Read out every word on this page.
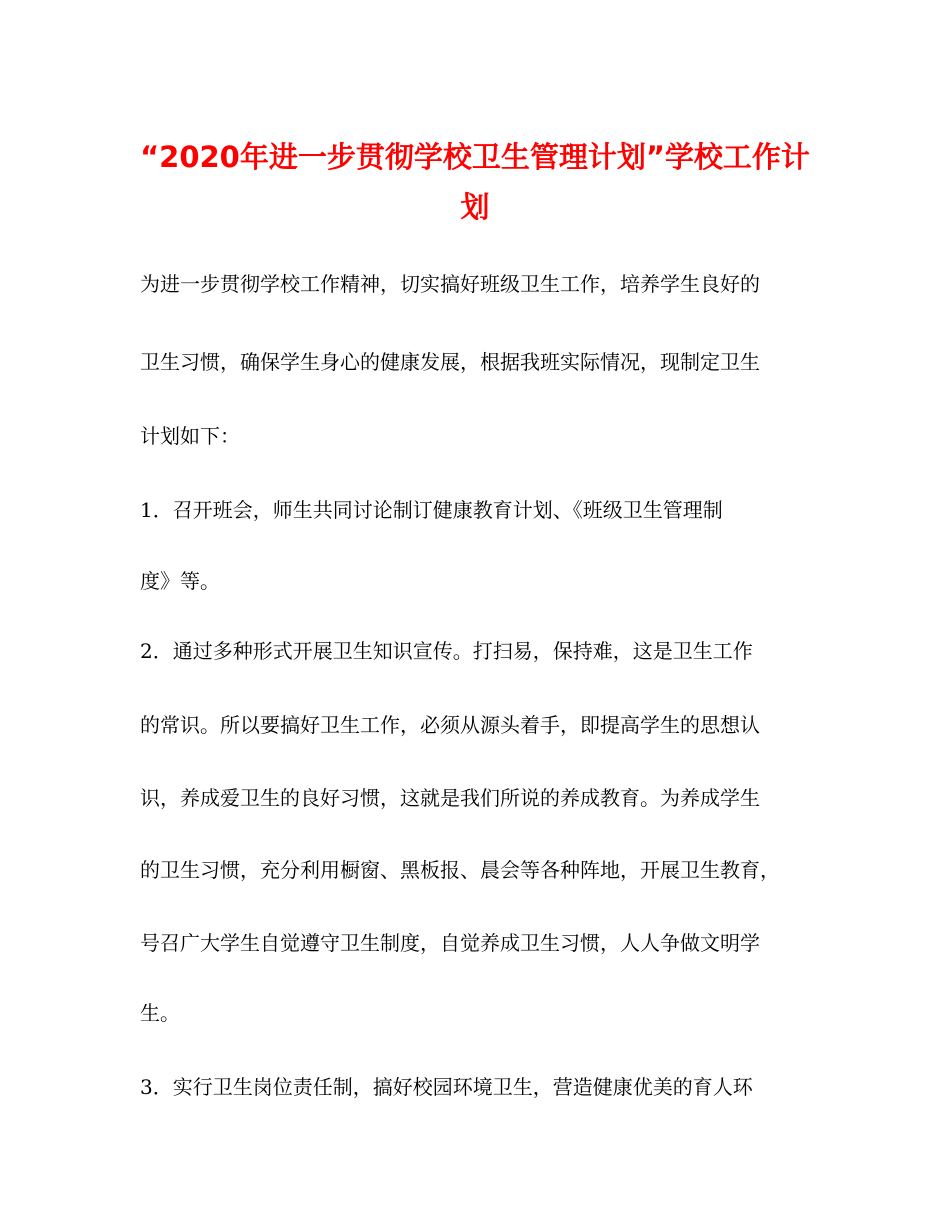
“2020年进一步贯彻学校卫生管理计划”学校工作计
划

为进一步贯彻学校工作精神，切实搞好班级卫生工作，培养学生良好的

卫生习惯，确保学生身心的健康发展，根据我班实际情况，现制定卫生

计划如下：

1．召开班会，师生共同讨论制订健康教育计划、《班级卫生管理制

度》等。

2．通过多种形式开展卫生知识宣传。打扫易，保持难，这是卫生工作

的常识。所以要搞好卫生工作，必须从源头着手，即提高学生的思想认

识，养成爱卫生的良好习惯，这就是我们所说的养成教育。为养成学生

的卫生习惯，充分利用橱窗、黑板报、晨会等各种阵地，开展卫生教育，

号召广大学生自觉遵守卫生制度，自觉养成卫生习惯，人人争做文明学

生。

3．实行卫生岗位责任制，搞好校园环境卫生，营造健康优美的育人环
